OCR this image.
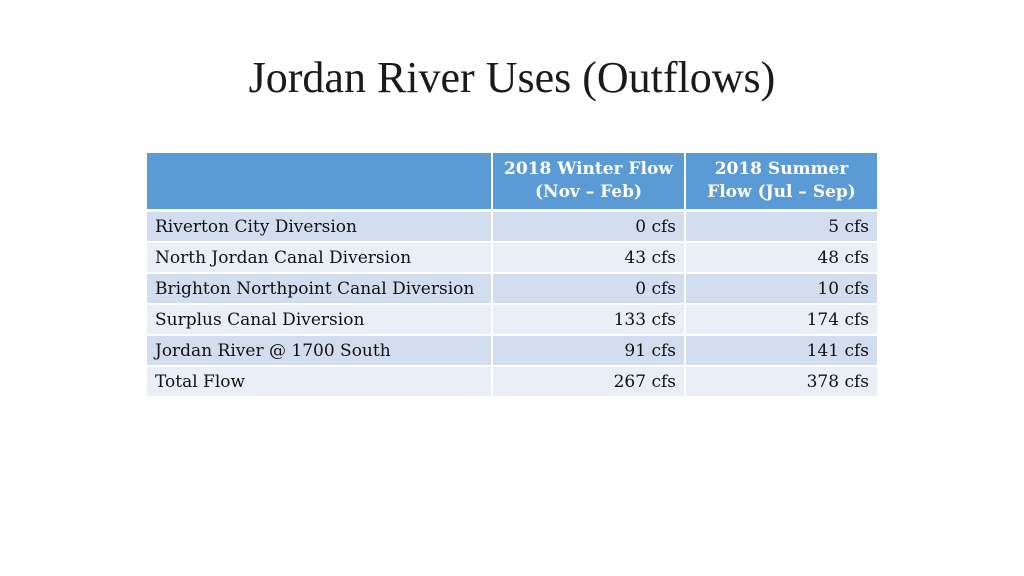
Jordan River Uses (Outflows)
	2018 Winter Flow (Nov – Feb)	2018 Summer Flow (Jul – Sep)
Riverton City Diversion	0 cfs	5 cfs
North Jordan Canal Diversion	43 cfs	48 cfs
Brighton Northpoint Canal Diversion	0 cfs	10 cfs
Surplus Canal Diversion	133 cfs	174 cfs
Jordan River @ 1700 South	91 cfs	141 cfs
Total Flow	267 cfs	378 cfs
